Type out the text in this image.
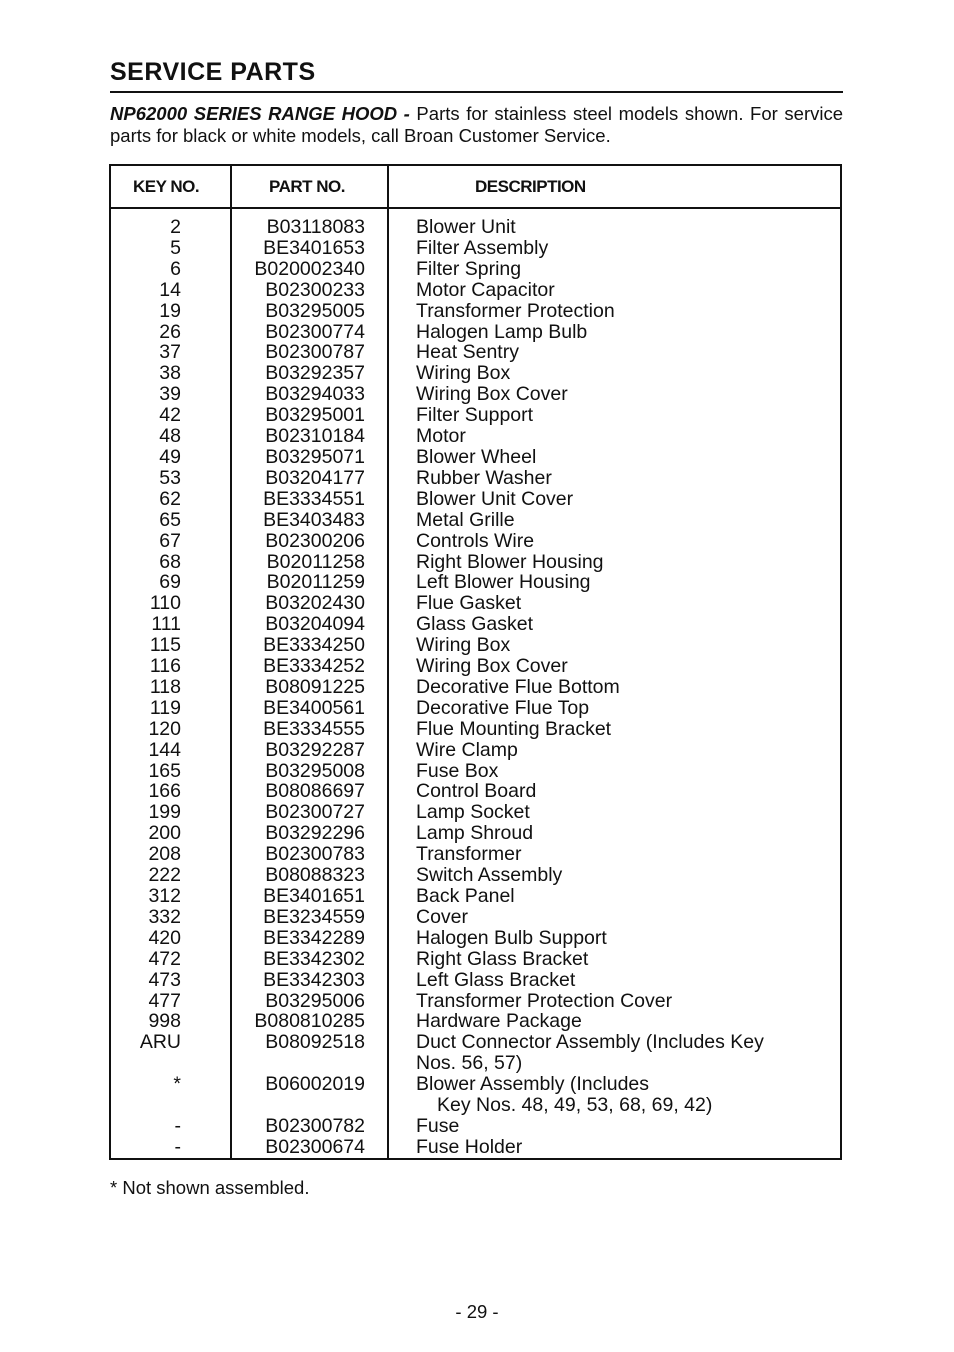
SERVICE PARTS
NP62000 SERIES RANGE HOOD - Parts for stainless steel models shown. For service parts for black or white models, call Broan Customer Service.
KEY NO.	PART NO.	DESCRIPTION
2	B03118083	Blower Unit
5	BE3401653	Filter Assembly
6	B020002340	Filter Spring
14	B02300233	Motor Capacitor
19	B03295005	Transformer Protection
26	B02300774	Halogen Lamp Bulb
37	B02300787	Heat Sentry
38	B03292357	Wiring Box
39	B03294033	Wiring Box Cover
42	B03295001	Filter Support
48	B02310184	Motor
49	B03295071	Blower Wheel
53	B03204177	Rubber Washer
62	BE3334551	Blower Unit Cover
65	BE3403483	Metal Grille
67	B02300206	Controls Wire
68	B02011258	Right Blower Housing
69	B02011259	Left Blower Housing
110	B03202430	Flue Gasket
111	B03204094	Glass Gasket
115	BE3334250	Wiring Box
116	BE3334252	Wiring Box Cover
118	B08091225	Decorative Flue Bottom
119	BE3400561	Decorative Flue Top
120	BE3334555	Flue Mounting Bracket
144	B03292287	Wire Clamp
165	B03295008	Fuse Box
166	B08086697	Control Board
199	B02300727	Lamp Socket
200	B03292296	Lamp Shroud
208	B02300783	Transformer
222	B08088323	Switch Assembly
312	BE3401651	Back Panel
332	BE3234559	Cover
420	BE3342289	Halogen Bulb Support
472	BE3342302	Right Glass Bracket
473	BE3342303	Left Glass Bracket
477	B03295006	Transformer Protection Cover
998	B080810285	Hardware Package
ARU	B08092518	Duct Connector Assembly (Includes Key
Nos. 56, 57)
*	B06002019	Blower Assembly (Includes
Key Nos. 48, 49, 53, 68, 69, 42)
-	B02300782	Fuse
-	B02300674	Fuse Holder
* Not shown assembled.
- 29 -
